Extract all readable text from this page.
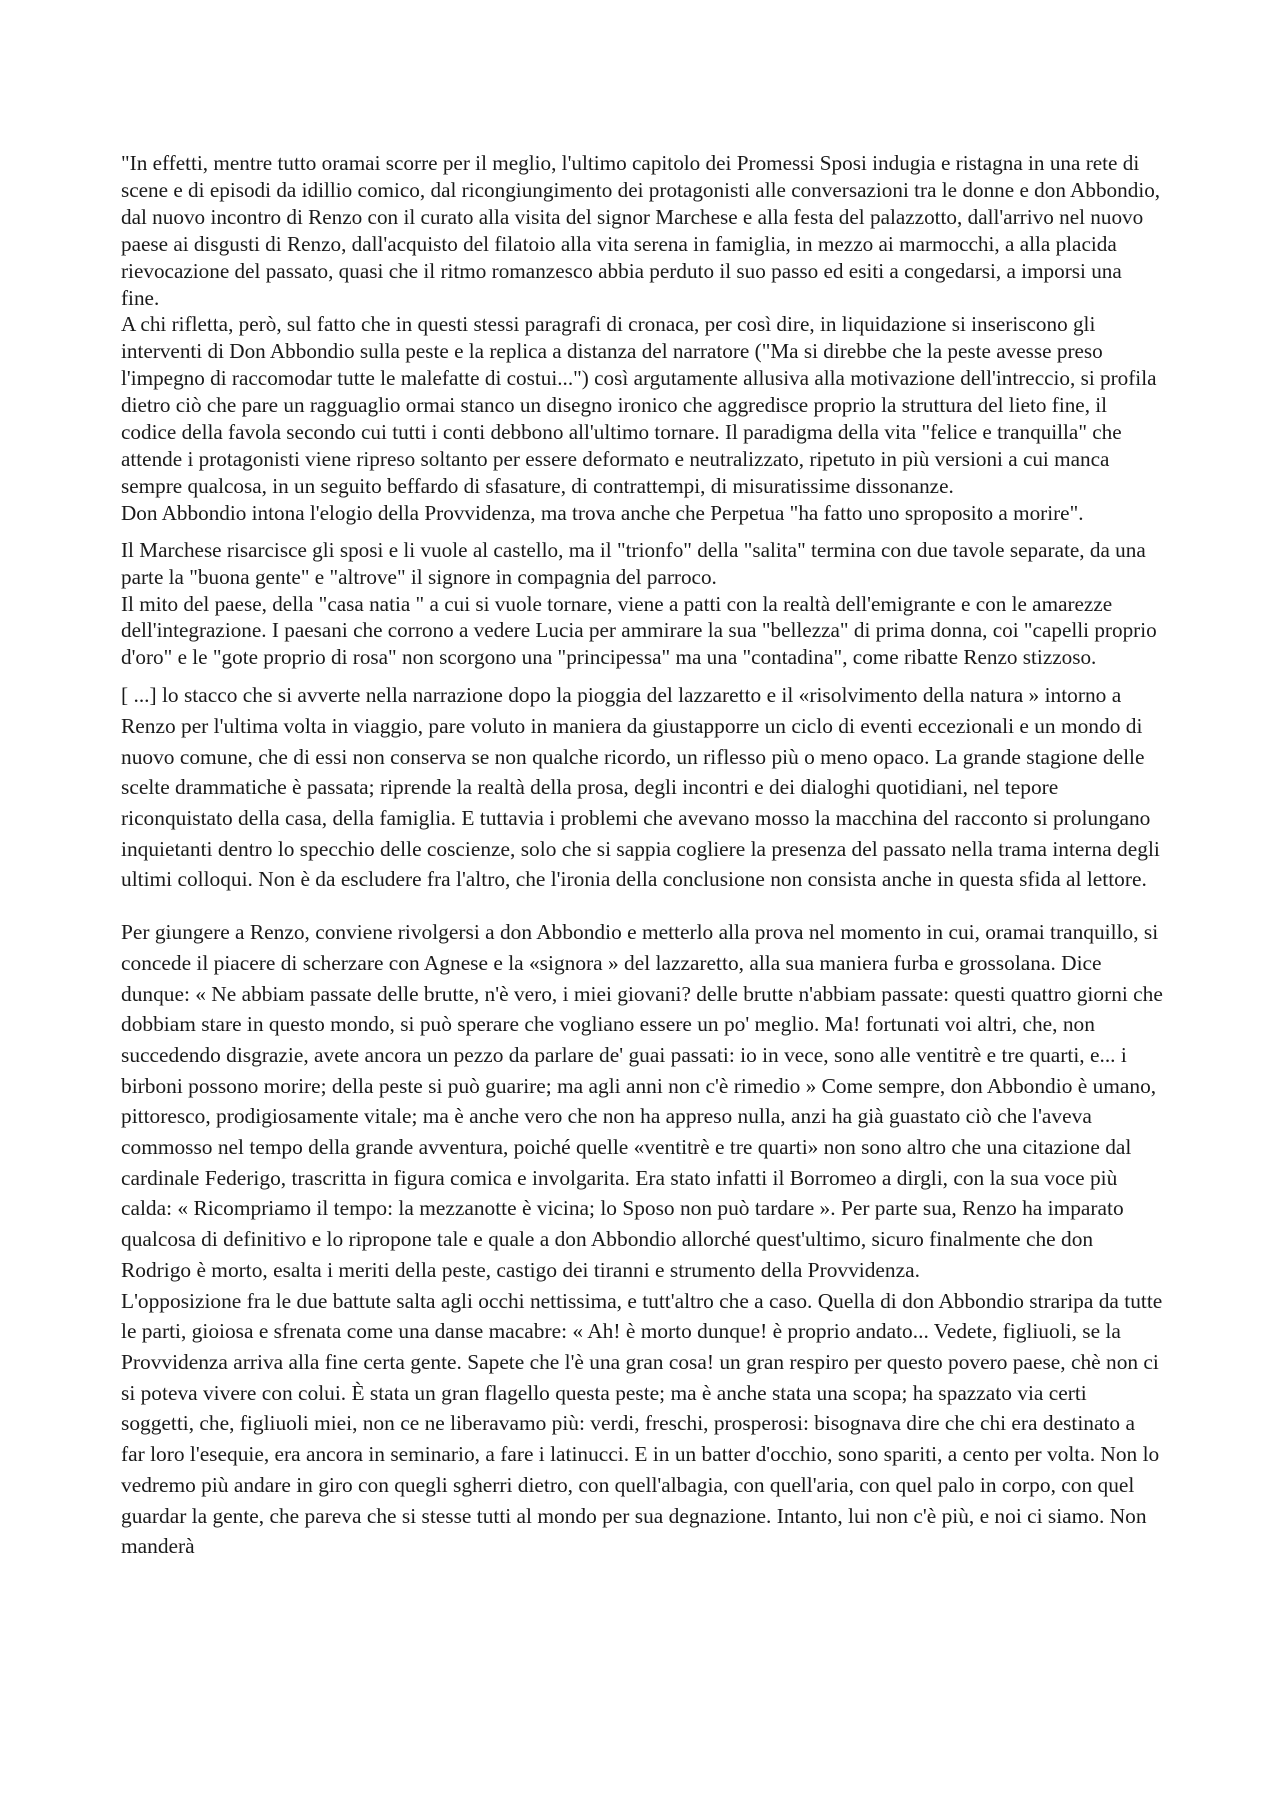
"In effetti, mentre tutto oramai scorre per il meglio, l'ultimo capitolo dei Promessi Sposi indugia e ristagna in una rete di scene e di episodi da idillio comico, dal ricongiungimento dei protagonisti alle conversazioni tra le donne e don Abbondio, dal nuovo incontro di Renzo con il curato alla visita del signor Marchese e alla festa del palazzotto, dall'arrivo nel nuovo paese ai disgusti di Renzo, dall'acquisto del filatoio alla vita serena in famiglia, in mezzo ai marmocchi, a alla placida rievocazione del passato, quasi che il ritmo romanzesco abbia perduto il suo passo ed esiti a congedarsi, a imporsi una fine.

A chi rifletta, però, sul fatto che in questi stessi paragrafi di cronaca, per così dire, in liquidazione si inseriscono gli interventi di Don Abbondio sulla peste e la replica a distanza del narratore ("Ma si direbbe che la peste avesse preso l'impegno di raccomodar tutte le malefatte di costui...") così argutamente allusiva alla motivazione dell'intreccio, si profila dietro ciò che pare un ragguaglio ormai stanco un disegno ironico che aggredisce proprio la struttura del lieto fine, il codice della favola secondo cui tutti i conti debbono all'ultimo tornare. Il paradigma della vita "felice e tranquilla" che attende i protagonisti viene ripreso soltanto per essere deformato e neutralizzato, ripetuto in più versioni a cui manca sempre qualcosa, in un seguito beffardo di sfasature, di contrattempi, di misuratissime dissonanze.

Don Abbondio intona l'elogio della Provvidenza, ma trova anche che Perpetua "ha fatto uno sproposito a morire".

Il Marchese risarcisce gli sposi e li vuole al castello, ma il "trionfo" della "salita" termina con due tavole separate, da una parte la "buona gente" e "altrove" il signore in compagnia del parroco.

Il mito del paese, della "casa natia " a cui si vuole tornare, viene a patti con la realtà dell'emigrante e con le amarezze dell'integrazione. I paesani che corrono a vedere Lucia per ammirare la sua "bellezza" di prima donna, coi "capelli proprio d'oro" e le "gote proprio di rosa" non scorgono una "principessa" ma una "contadina", come ribatte Renzo stizzoso.

[ ...] lo stacco che si avverte nella narrazione dopo la pioggia del lazzaretto e il «risolvimento della natura » intorno a Renzo per l'ultima volta in viaggio, pare voluto in maniera da giustapporre un ciclo di eventi eccezionali e un mondo di nuovo comune, che di essi non conserva se non qualche ricordo, un riflesso più o meno opaco. La grande stagione delle scelte drammatiche è passata; riprende la realtà della prosa, degli incontri e dei dialoghi quotidiani, nel tepore riconquistato della casa, della famiglia. E tuttavia i problemi che avevano mosso la macchina del racconto si prolungano inquietanti dentro lo specchio delle coscienze, solo che si sappia cogliere la presenza del passato nella trama interna degli ultimi colloqui. Non è da escludere fra l'altro, che l'ironia della conclusione non consista anche in questa sfida al lettore.

Per giungere a Renzo, conviene rivolgersi a don Abbondio e metterlo alla prova nel momento in cui, oramai tranquillo, si concede il piacere di scherzare con Agnese e la «signora » del lazzaretto, alla sua maniera furba e grossolana. Dice dunque: « Ne abbiam passate delle brutte, n'è vero, i miei giovani? delle brutte n'abbiam passate: questi quattro giorni che dobbiam stare in questo mondo, si può sperare che vogliano essere un po' meglio. Ma! fortunati voi altri, che, non succedendo disgrazie, avete ancora un pezzo da parlare de' guai passati: io in vece, sono alle ventitrè e tre quarti, e... i birboni possono morire; della peste si può guarire; ma agli anni non c'è rimedio » Come sempre, don Abbondio è umano, pittoresco, prodigiosamente vitale; ma è anche vero che non ha appreso nulla, anzi ha già guastato ciò che l'aveva commosso nel tempo della grande avventura, poiché quelle «ventitrè e tre quarti» non sono altro che una citazione dal cardinale Federigo, trascritta in figura comica e involgarita. Era stato infatti il Borromeo a dirgli, con la sua voce più calda: « Ricompriamo il tempo: la mezzanotte è vicina; lo Sposo non può tardare ». Per parte sua, Renzo ha imparato qualcosa di definitivo e lo ripropone tale e quale a don Abbondio allorché quest'ultimo, sicuro finalmente che don Rodrigo è morto, esalta i meriti della peste, castigo dei tiranni e strumento della Provvidenza.

L'opposizione fra le due battute salta agli occhi nettissima, e tutt'altro che a caso. Quella di don Abbondio straripa da tutte le parti, gioiosa e sfrenata come una danse macabre: « Ah! è morto dunque! è proprio andato... Vedete, figliuoli, se la Provvidenza arriva alla fine certa gente. Sapete che l'è una gran cosa! un gran respiro per questo povero paese, chè non ci si poteva vivere con colui. È stata un gran flagello questa peste; ma è anche stata una scopa; ha spazzato via certi soggetti, che, figliuoli miei, non ce ne liberavamo più: verdi, freschi, prosperosi: bisognava dire che chi era destinato a far loro l'esequie, era ancora in seminario, a fare i latinucci. E in un batter d'occhio, sono spariti, a cento per volta. Non lo vedremo più andare in giro con quegli sgherri dietro, con quell'albagia, con quell'aria, con quel palo in corpo, con quel guardar la gente, che pareva che si stesse tutti al mondo per sua degnazione. Intanto, lui non c'è più, e noi ci siamo. Non manderà
